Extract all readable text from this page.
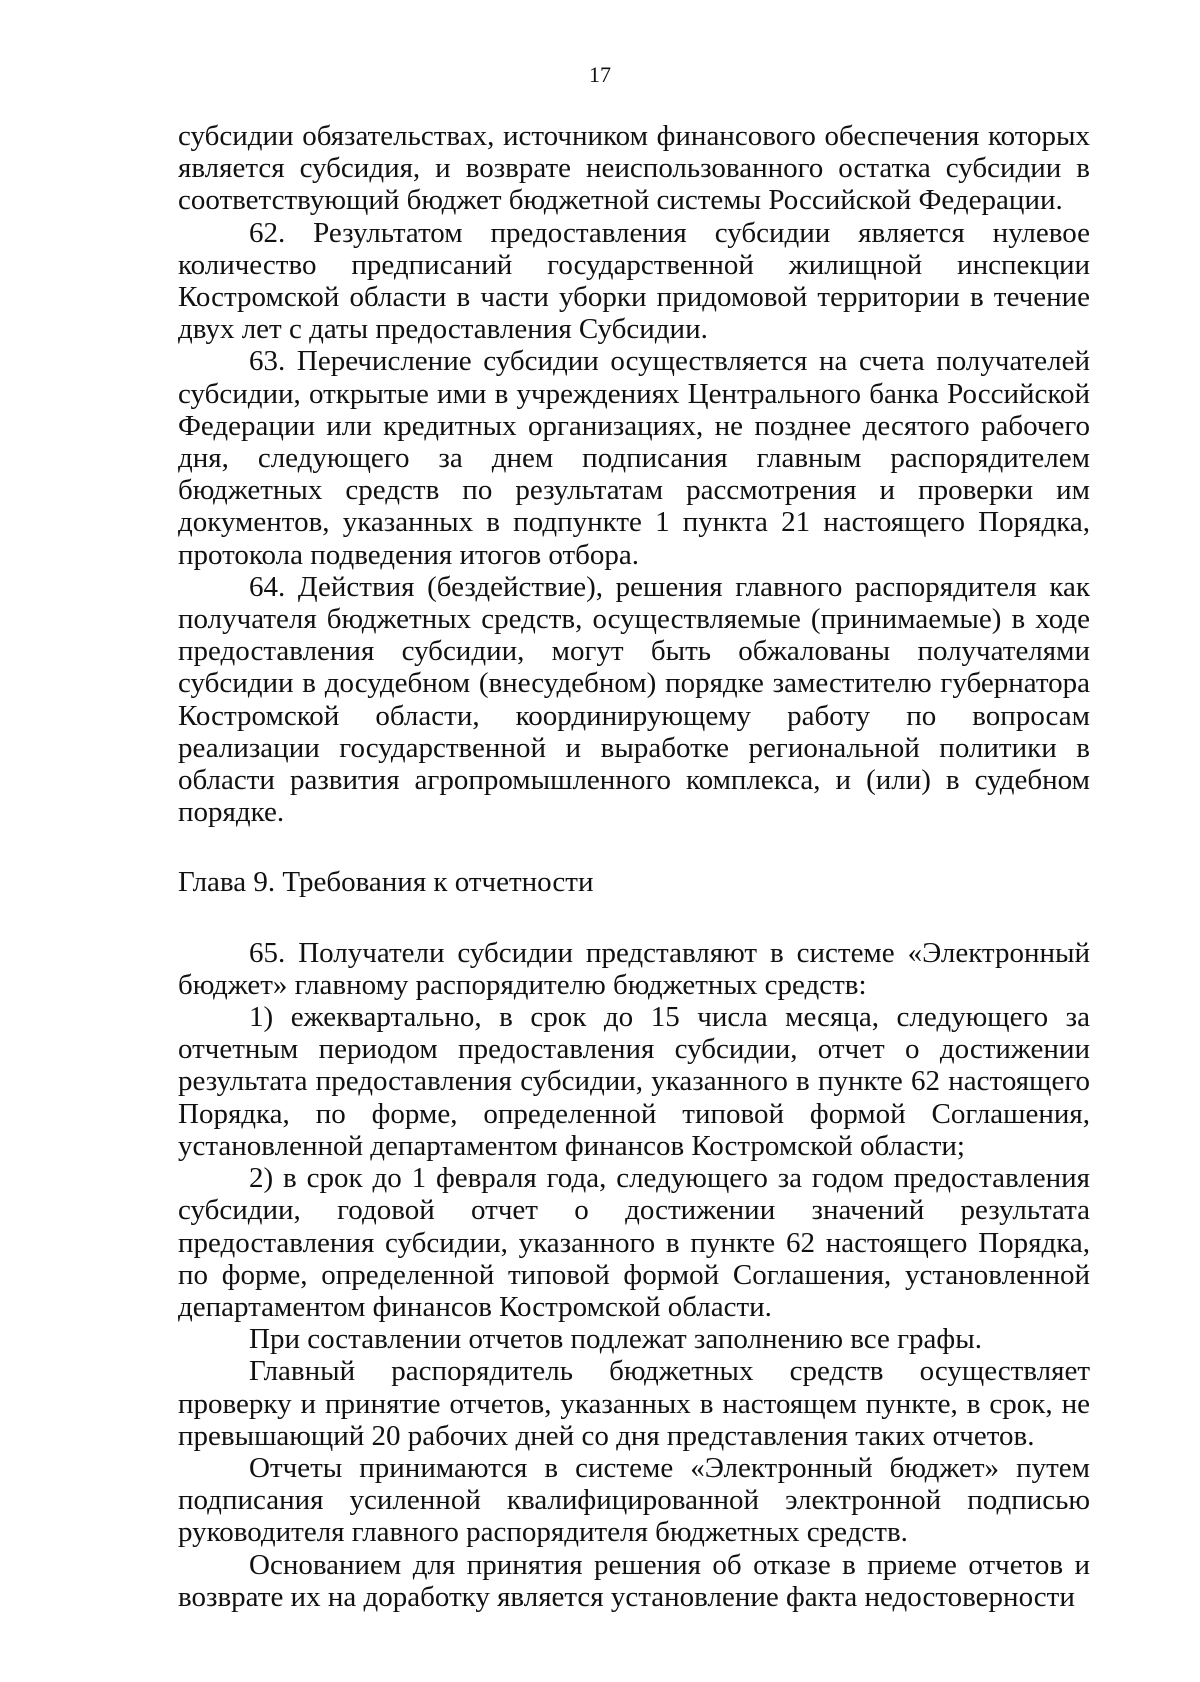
17

субсидии обязательствах, источником финансового обеспечения которых является субсидия, и возврате неиспользованного остатка субсидии в соответствующий бюджет бюджетной системы Российской Федерации.

62. Результатом предоставления субсидии является нулевое количество предписаний государственной жилищной инспекции Костромской области в части уборки придомовой территории в течение двух лет с даты предоставления Субсидии.

63. Перечисление субсидии осуществляется на счета получателей субсидии, открытые ими в учреждениях Центрального банка Российской Федерации или кредитных организациях, не позднее десятого рабочего дня, следующего за днем подписания главным распорядителем бюджетных средств по результатам рассмотрения и проверки им документов, указанных в подпункте 1 пункта 21 настоящего Порядка, протокола подведения итогов отбора.

64. Действия (бездействие), решения главного распорядителя как получателя бюджетных средств, осуществляемые (принимаемые) в ходе предоставления субсидии, могут быть обжалованы получателями субсидии в досудебном (внесудебном) порядке заместителю губернатора Костромской области, координирующему работу по вопросам реализации государственной и выработке региональной политики в области развития агропромышленного комплекса, и (или) в судебном порядке.

Глава 9. Требования к отчетности

65. Получатели субсидии представляют в системе «Электронный бюджет» главному распорядителю бюджетных средств:

1) ежеквартально, в срок до 15 числа месяца, следующего за отчетным периодом предоставления субсидии, отчет о достижении результата предоставления субсидии, указанного в пункте 62 настоящего Порядка, по форме, определенной типовой формой Соглашения, установленной департаментом финансов Костромской области;

2) в срок до 1 февраля года, следующего за годом предоставления субсидии, годовой отчет о достижении значений результата предоставления субсидии, указанного в пункте 62 настоящего Порядка, по форме, определенной типовой формой Соглашения, установленной департаментом финансов Костромской области.

При составлении отчетов подлежат заполнению все графы.

Главный распорядитель бюджетных средств осуществляет проверку и принятие отчетов, указанных в настоящем пункте, в срок, не превышающий 20 рабочих дней со дня представления таких отчетов.

Отчеты принимаются в системе «Электронный бюджет» путем подписания усиленной квалифицированной электронной подписью руководителя главного распорядителя бюджетных средств.

Основанием для принятия решения об отказе в приеме отчетов и возврате их на доработку является установление факта недостоверности
